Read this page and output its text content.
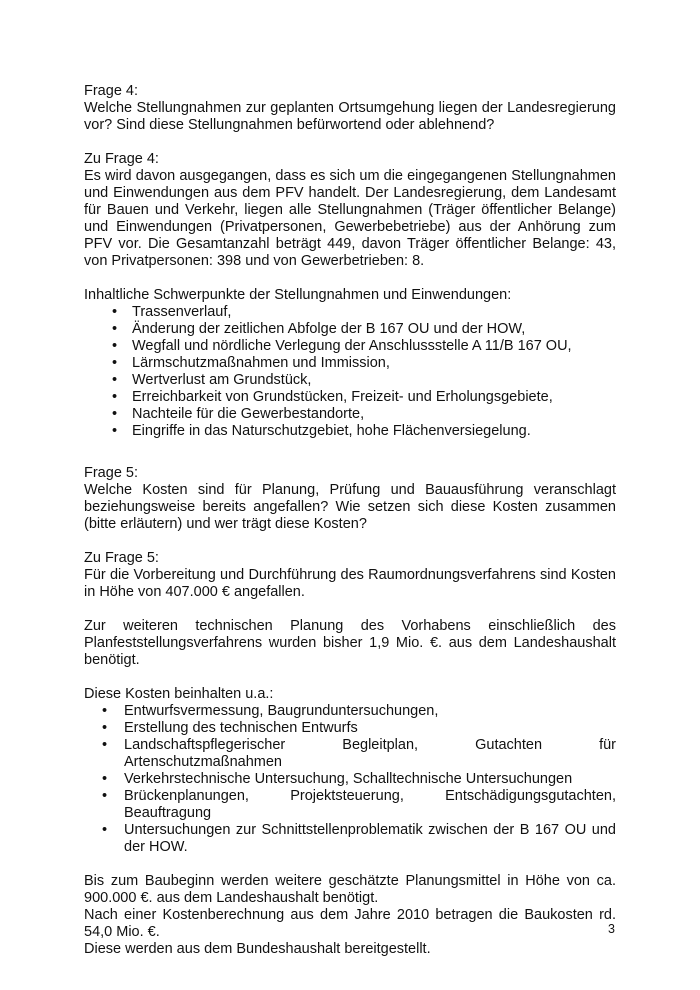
Frage 4:

Welche Stellungnahmen zur geplanten Ortsumgehung liegen der Landesregierung vor? Sind diese Stellungnahmen befürwortend oder ablehnend?

Zu Frage 4:

Es wird davon ausgegangen, dass es sich um die eingegangenen Stellungnahmen und Einwendungen aus dem PFV handelt. Der Landesregierung, dem Landesamt für Bauen und Verkehr, liegen alle Stellungnahmen (Träger öffentlicher Belange) und Einwendungen (Privatpersonen, Gewerbebetriebe) aus der Anhörung zum PFV vor. Die Gesamtanzahl beträgt 449, davon Träger öffentlicher Belange: 43, von Privatpersonen: 398 und von Gewerbetrieben: 8.

Inhaltliche Schwerpunkte der Stellungnahmen und Einwendungen:

• Trassenverlauf,
• Änderung der zeitlichen Abfolge der B 167 OU und der HOW,
• Wegfall und nördliche Verlegung der Anschlussstelle A 11/B 167 OU,
• Lärmschutzmaßnahmen und Immission,
• Wertverlust am Grundstück,
• Erreichbarkeit von Grundstücken, Freizeit- und Erholungsgebiete,
• Nachteile für die Gewerbestandorte,
• Eingriffe in das Naturschutzgebiet, hohe Flächenversiegelung.

Frage 5:

Welche Kosten sind für Planung, Prüfung und Bauausführung veranschlagt beziehungsweise bereits angefallen? Wie setzen sich diese Kosten zusammen (bitte erläutern) und wer trägt diese Kosten?

Zu Frage 5:

Für die Vorbereitung und Durchführung des Raumordnungsverfahrens sind Kosten in Höhe von 407.000 € angefallen.

Zur weiteren technischen Planung des Vorhabens einschließlich des Planfeststellungsverfahrens wurden bisher 1,9 Mio. €. aus dem Landeshaushalt benötigt.

Diese Kosten beinhalten u.a.:

• Entwurfsvermessung, Baugrunduntersuchungen,
• Erstellung des technischen Entwurfs
• Landschaftspflegerischer Begleitplan, Gutachten für Artenschutzmaßnahmen
• Verkehrstechnische Untersuchung, Schalltechnische Untersuchungen
• Brückenplanungen, Projektsteuerung, Entschädigungsgutachten, Beauftragung
• Untersuchungen zur Schnittstellenproblematik zwischen der B 167 OU und der HOW.

Bis zum Baubeginn werden weitere geschätzte Planungsmittel in Höhe von ca. 900.000 €. aus dem Landeshaushalt benötigt.

Nach einer Kostenberechnung aus dem Jahre 2010 betragen die Baukosten rd. 54,0 Mio. €.

Diese werden aus dem Bundeshaushalt bereitgestellt.

3
